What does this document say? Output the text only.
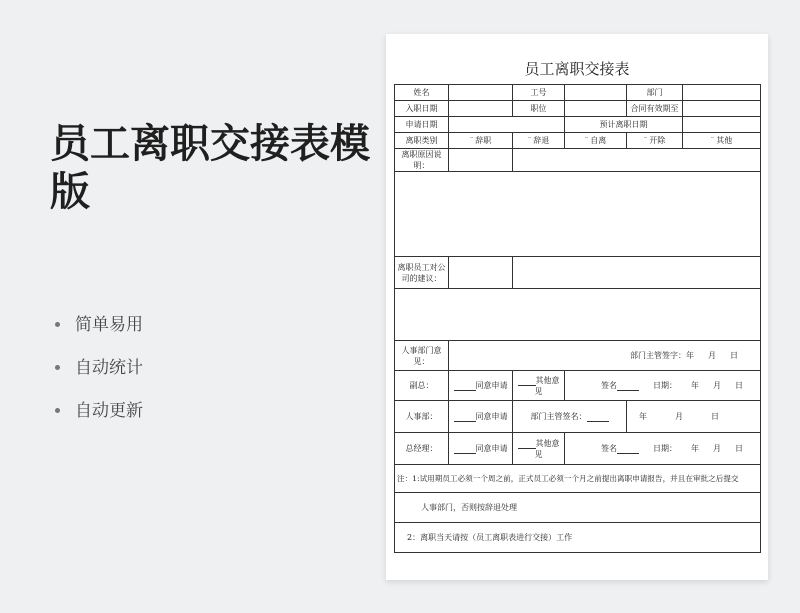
员工离职交接表模版
简单易用
自动统计
自动更新
员工离职交接表
姓名		工号		部门	
入职日期		职位		合同有效期至	
申请日期			预计离职日期		
离职类别	¨ 辞职	¨ 辞退	¨ 自离	¨ 开除	¨ 其他
离职原因说明：					

离职员工对公司的建议：					

人事部门意见：	部门主管签字：年 月 日				
副总：	同意申请	其他意见	签名 日期： 年 月 日		
人事部：	同意申请	部门主管签名：		年 月 日	
总经理：	同意申请	其他意见	签名 日期： 年 月 日		
注：1:试用期员工必须一个周之前，正式员工必须一个月之前提出离职申请报告，并且在审批之后提交					
人事部门，否则按辞退处理					
2：离职当天请按（员工离职表进行交接）工作					
